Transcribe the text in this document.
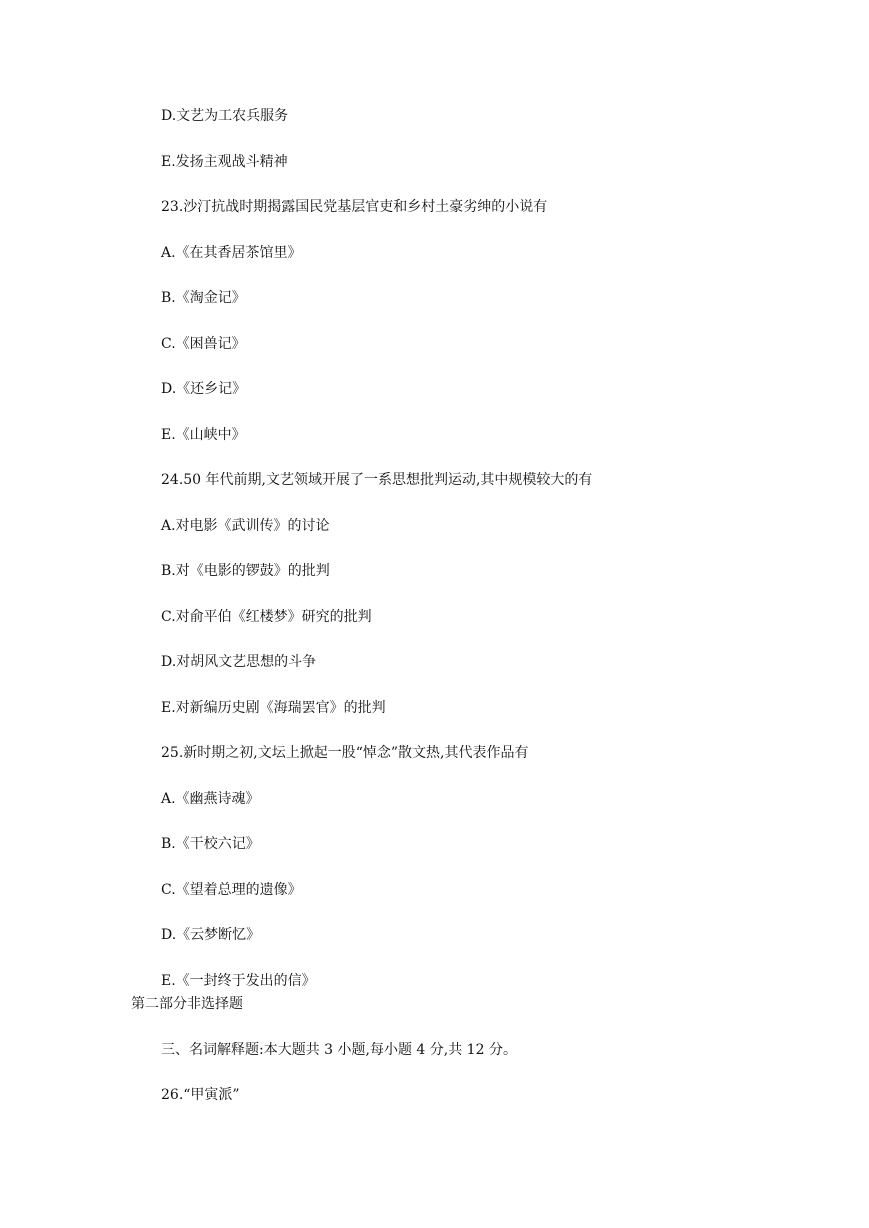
D.文艺为工农兵服务
E.发扬主观战斗精神
23.沙汀抗战时期揭露国民党基层官吏和乡村土豪劣绅的小说有
A.《在其香居茶馆里》
B.《淘金记》
C.《困兽记》
D.《还乡记》
E.《山峡中》
24.50 年代前期,文艺领域开展了一系思想批判运动,其中规模较大的有
A.对电影《武训传》的讨论
B.对《电影的锣鼓》的批判
C.对俞平伯《红楼梦》研究的批判
D.对胡风文艺思想的斗争
E.对新编历史剧《海瑞罢官》的批判
25.新时期之初,文坛上掀起一股“悼念”散文热,其代表作品有
A.《幽燕诗魂》
B.《干校六记》
C.《望着总理的遗像》
D.《云梦断忆》
E.《一封终于发出的信》
第二部分非选择题
三、名词解释题:本大题共 3 小题,每小题 4 分,共 12 分。
26.“甲寅派”
